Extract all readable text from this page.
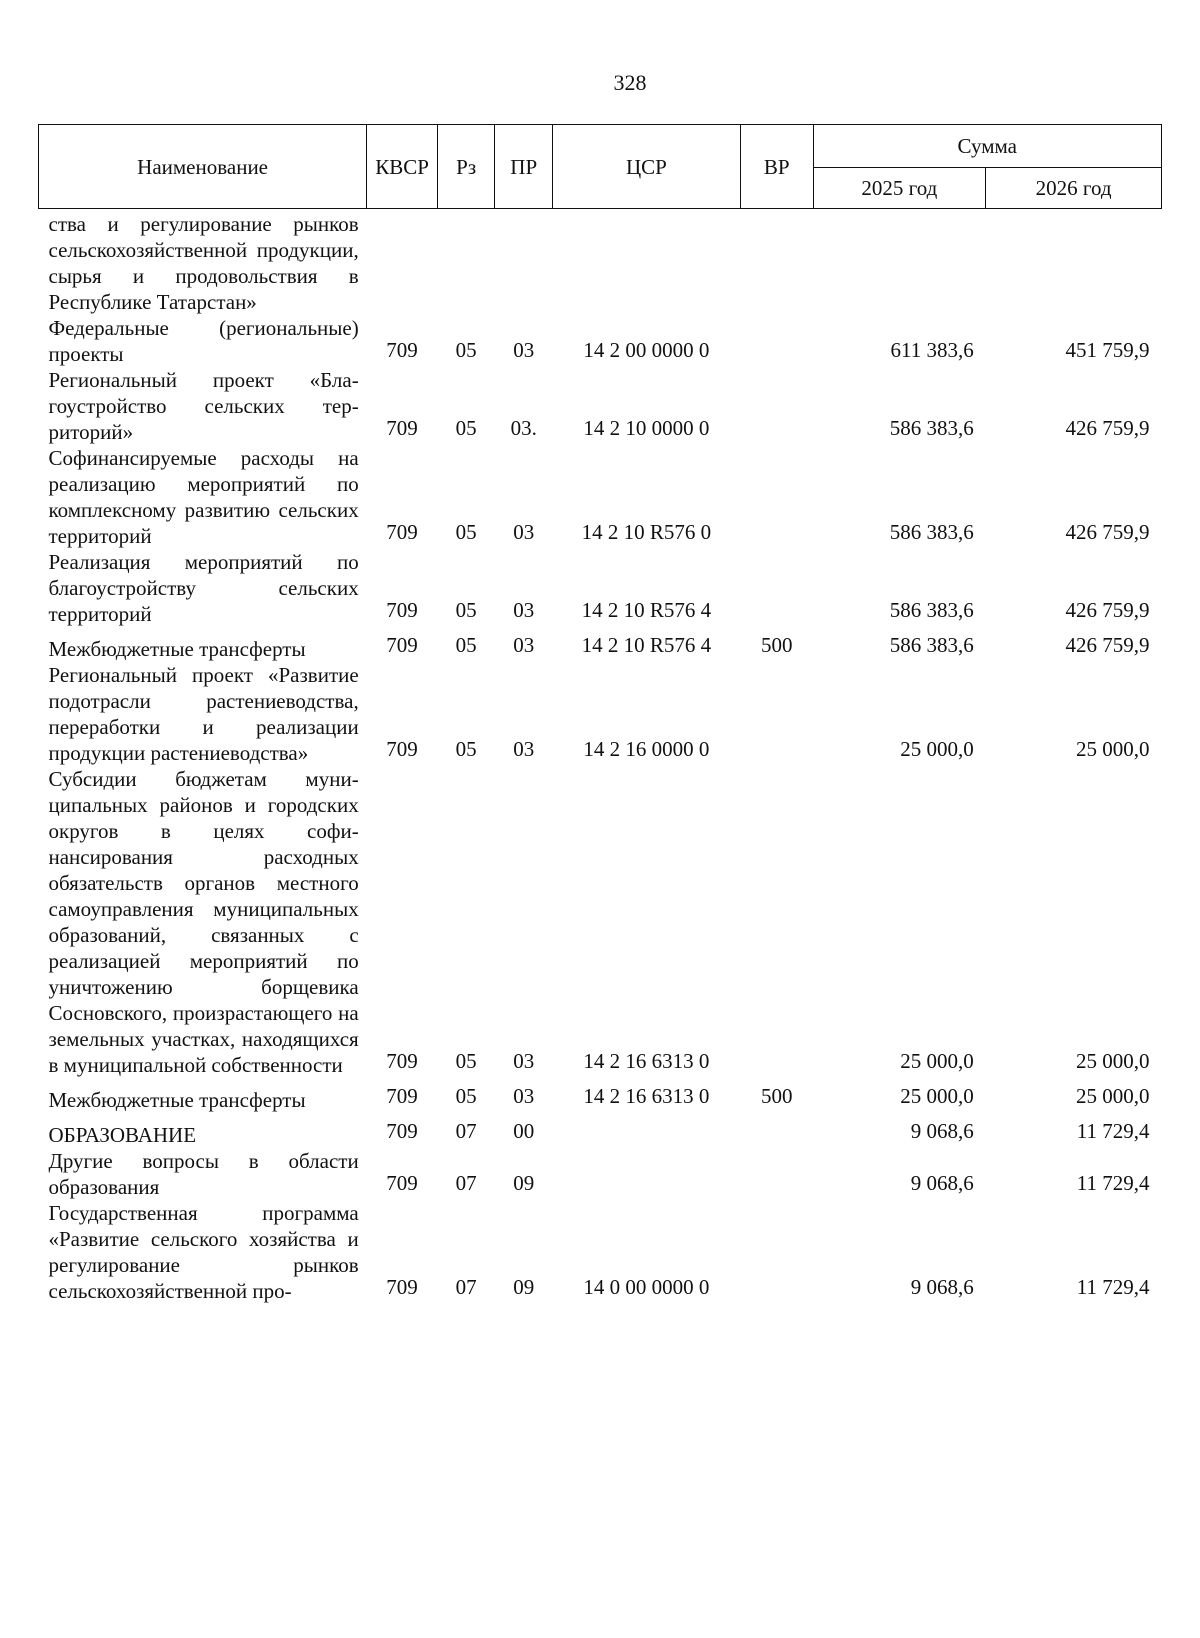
328
Наименование	КВСР	Рз	ПР	ЦСР	ВР	Сумма	
						2025 год	2026 год
ства и регулирование рынков сельскохозяйственной продукции, сырья и продовольствия в Республике Татарстан»							
Федеральные (региональные) проекты	709	05	03	14 2 00 0000 0		611 383,6	451 759,9
Региональный проект «Благоустройство сельских территорий»	709	05	03.	14 2 10 0000 0		586 383,6	426 759,9
Софинансируемые расходы на реализацию мероприятий по комплексному развитию сельских территорий	709	05	03	14 2 10 R576 0		586 383,6	426 759,9
Реализация мероприятий по благоустройству сельских территорий	709	05	03	14 2 10 R576 4		586 383,6	426 759,9
Межбюджетные трансферты	709	05	03	14 2 10 R576 4	500	586 383,6	426 759,9
Региональный проект «Развитие подотрасли растениеводства, переработки и реализации продукции растениеводства»	709	05	03	14 2 16 0000 0		25 000,0	25 000,0
Субсидии бюджетам муниципальных районов и городских округов в целях софинансирования расходных обязательств органов местного самоуправления муниципальных образований, связанных с реализацией мероприятий по уничтожению борщевика Сосновского, произрастающего на земельных участках, находящихся в муниципальной собственности	709	05	03	14 2 16 6313 0		25 000,0	25 000,0
Межбюджетные трансферты	709	05	03	14 2 16 6313 0	500	25 000,0	25 000,0
ОБРАЗОВАНИЕ	709	07	00			9 068,6	11 729,4
Другие вопросы в области образования	709	07	09			9 068,6	11 729,4
Государственная программа «Развитие сельского хозяйства и регулирование рынков сельскохозяйственной про-	709	07	09	14 0 00 0000 0		9 068,6	11 729,4
